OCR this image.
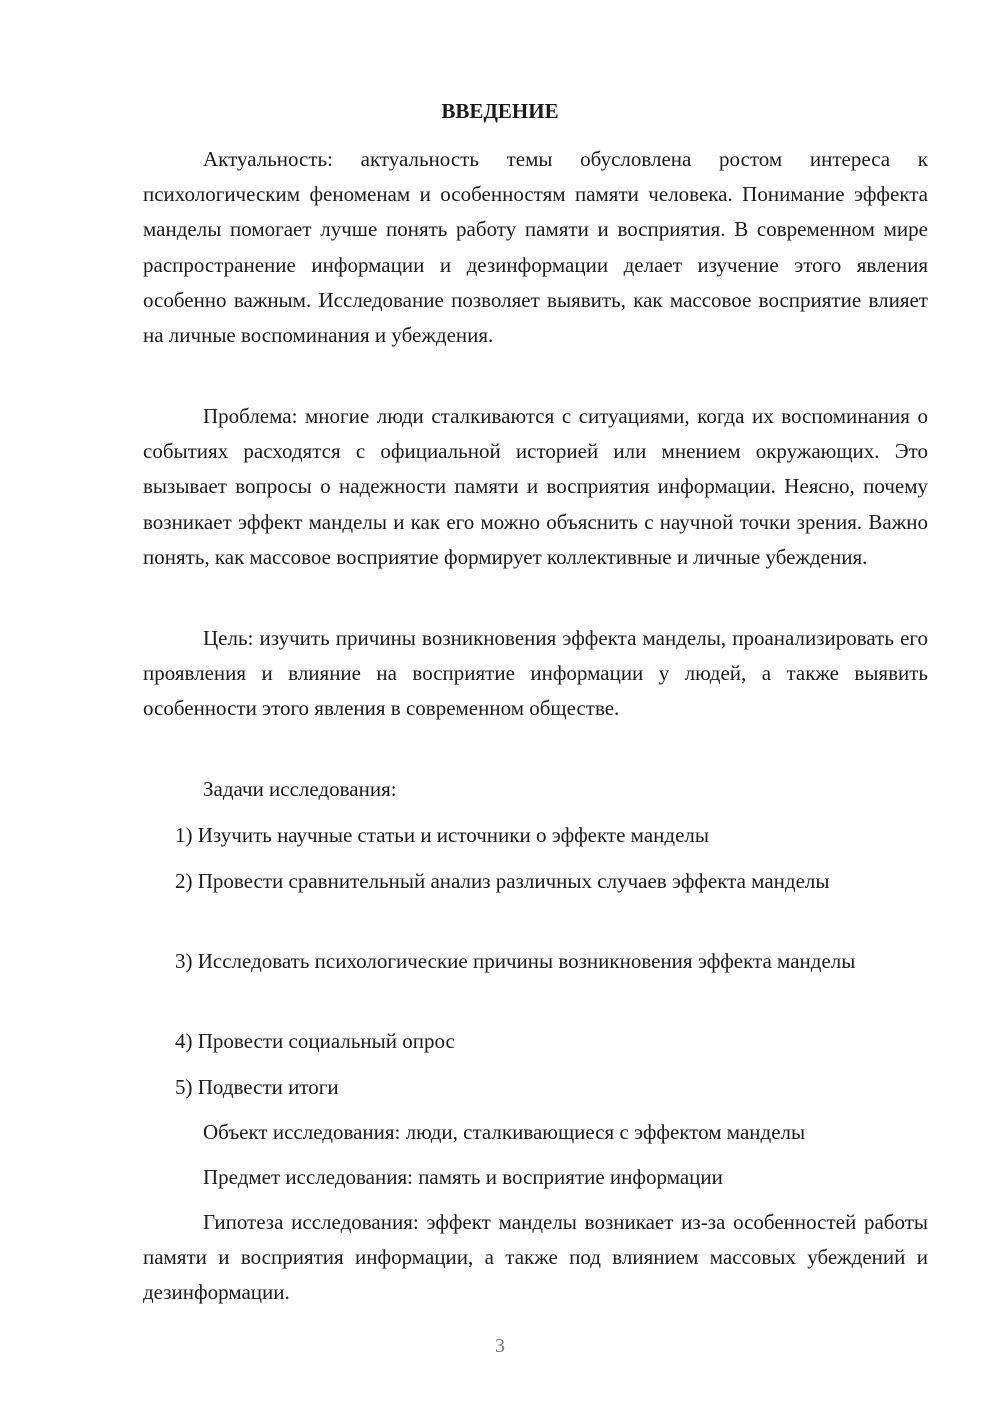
ВВЕДЕНИЕ

Актуальность: актуальность темы обусловлена ростом интереса к психологическим феноменам и особенностям памяти человека. Понимание эффекта манделы помогает лучше понять работу памяти и восприятия. В современном мире распространение информации и дезинформации делает изучение этого явления особенно важным. Исследование позволяет выявить, как массовое восприятие влияет на личные воспоминания и убеждения.

Проблема: многие люди сталкиваются с ситуациями, когда их воспоминания о событиях расходятся с официальной историей или мнением окружающих. Это вызывает вопросы о надежности памяти и восприятия информации. Неясно, почему возникает эффект манделы и как его можно объяснить с научной точки зрения. Важно понять, как массовое восприятие формирует коллективные и личные убеждения.

Цель: изучить причины возникновения эффекта манделы, проанализировать его проявления и влияние на восприятие информации у людей, а также выявить особенности этого явления в современном обществе.

Задачи исследования:

1) Изучить научные статьи и источники о эффекте манделы

2) Провести сравнительный анализ различных случаев эффекта манделы

3) Исследовать психологические причины возникновения эффекта манделы

4) Провести социальный опрос

5) Подвести итоги

Объект исследования: люди, сталкивающиеся с эффектом манделы

Предмет исследования: память и восприятие информации

Гипотеза исследования: эффект манделы возникает из-за особенностей работы памяти и восприятия информации, а также под влиянием массовых убеждений и дезинформации.

3
